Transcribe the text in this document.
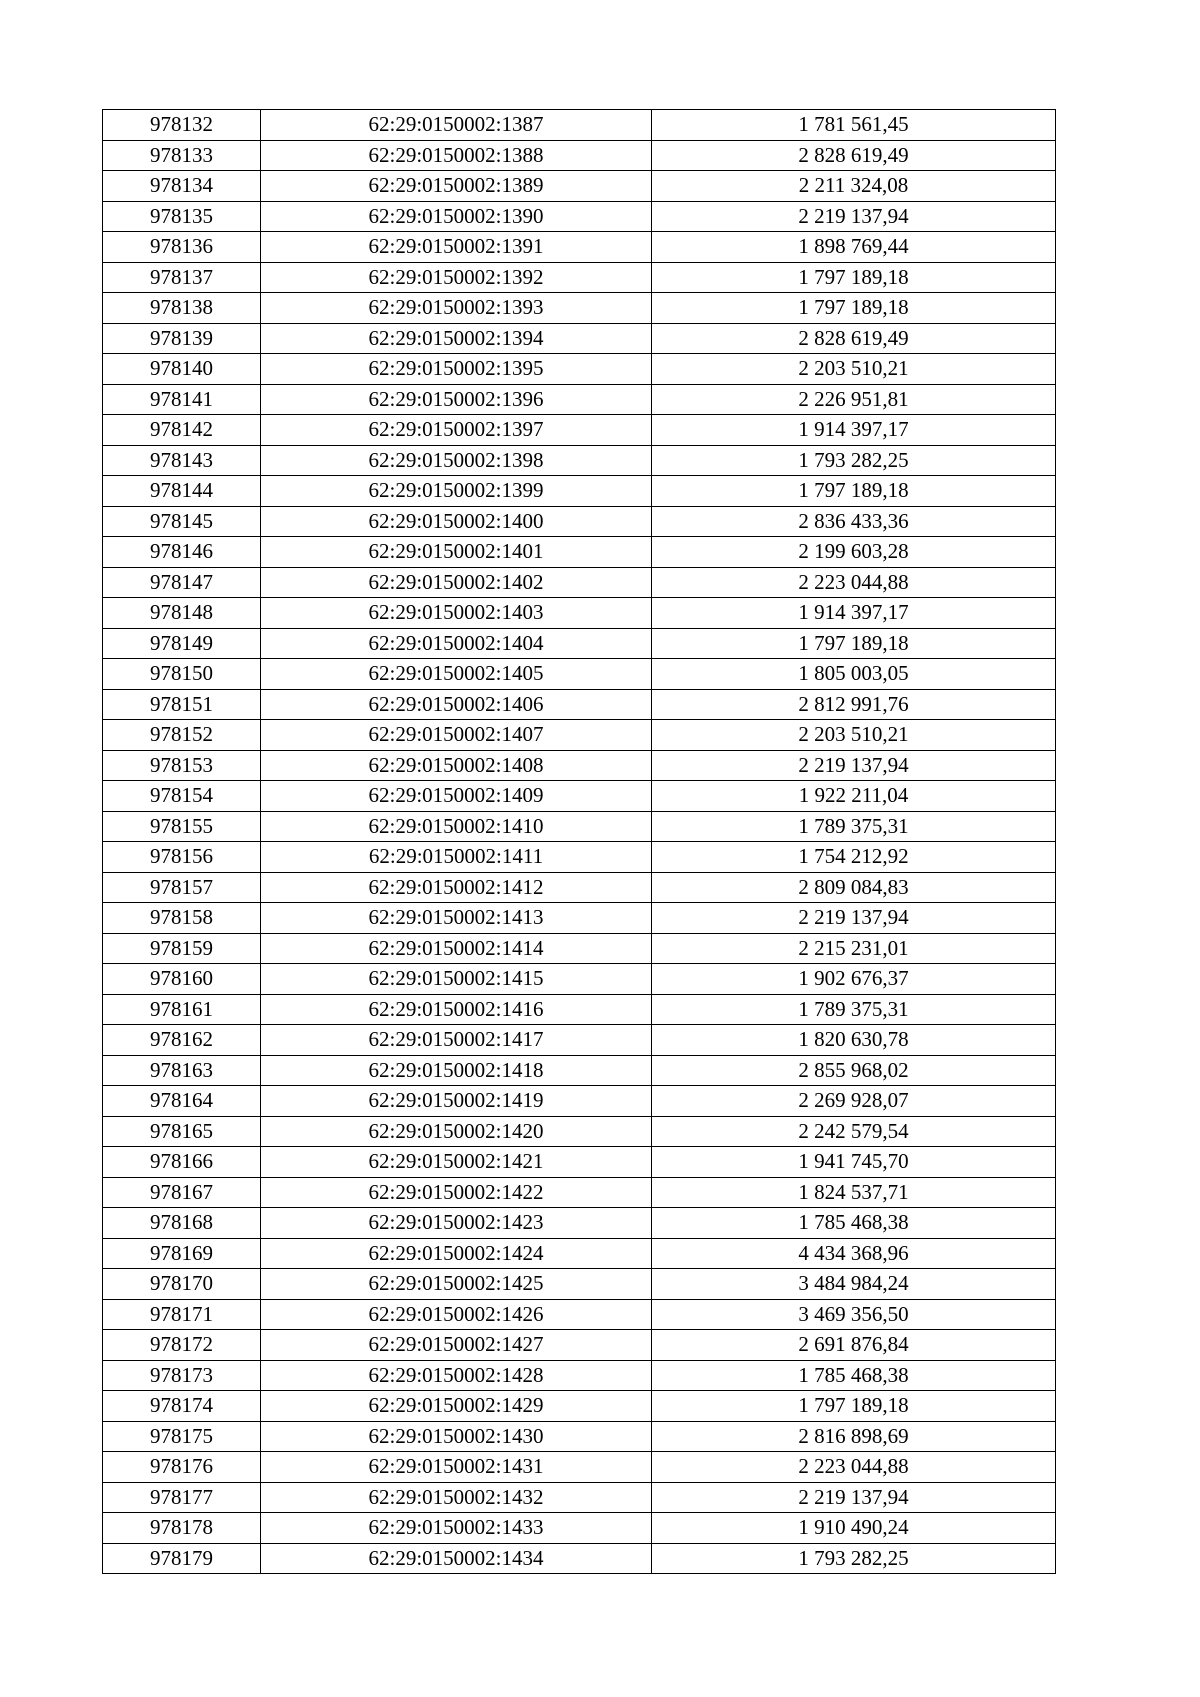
978132	62:29:0150002:1387	1 781 561,45
978133	62:29:0150002:1388	2 828 619,49
978134	62:29:0150002:1389	2 211 324,08
978135	62:29:0150002:1390	2 219 137,94
978136	62:29:0150002:1391	1 898 769,44
978137	62:29:0150002:1392	1 797 189,18
978138	62:29:0150002:1393	1 797 189,18
978139	62:29:0150002:1394	2 828 619,49
978140	62:29:0150002:1395	2 203 510,21
978141	62:29:0150002:1396	2 226 951,81
978142	62:29:0150002:1397	1 914 397,17
978143	62:29:0150002:1398	1 793 282,25
978144	62:29:0150002:1399	1 797 189,18
978145	62:29:0150002:1400	2 836 433,36
978146	62:29:0150002:1401	2 199 603,28
978147	62:29:0150002:1402	2 223 044,88
978148	62:29:0150002:1403	1 914 397,17
978149	62:29:0150002:1404	1 797 189,18
978150	62:29:0150002:1405	1 805 003,05
978151	62:29:0150002:1406	2 812 991,76
978152	62:29:0150002:1407	2 203 510,21
978153	62:29:0150002:1408	2 219 137,94
978154	62:29:0150002:1409	1 922 211,04
978155	62:29:0150002:1410	1 789 375,31
978156	62:29:0150002:1411	1 754 212,92
978157	62:29:0150002:1412	2 809 084,83
978158	62:29:0150002:1413	2 219 137,94
978159	62:29:0150002:1414	2 215 231,01
978160	62:29:0150002:1415	1 902 676,37
978161	62:29:0150002:1416	1 789 375,31
978162	62:29:0150002:1417	1 820 630,78
978163	62:29:0150002:1418	2 855 968,02
978164	62:29:0150002:1419	2 269 928,07
978165	62:29:0150002:1420	2 242 579,54
978166	62:29:0150002:1421	1 941 745,70
978167	62:29:0150002:1422	1 824 537,71
978168	62:29:0150002:1423	1 785 468,38
978169	62:29:0150002:1424	4 434 368,96
978170	62:29:0150002:1425	3 484 984,24
978171	62:29:0150002:1426	3 469 356,50
978172	62:29:0150002:1427	2 691 876,84
978173	62:29:0150002:1428	1 785 468,38
978174	62:29:0150002:1429	1 797 189,18
978175	62:29:0150002:1430	2 816 898,69
978176	62:29:0150002:1431	2 223 044,88
978177	62:29:0150002:1432	2 219 137,94
978178	62:29:0150002:1433	1 910 490,24
978179	62:29:0150002:1434	1 793 282,25
